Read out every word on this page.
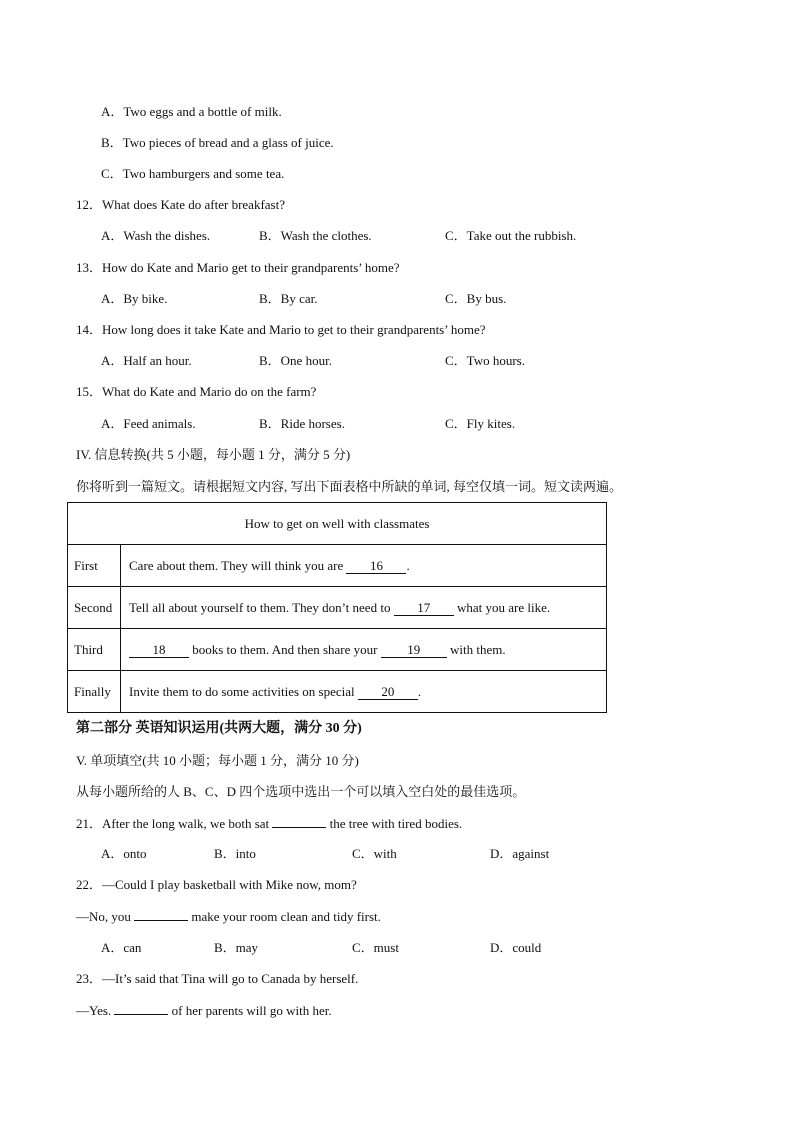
A．Two eggs and a bottle of milk.
B．Two pieces of bread and a glass of juice.
C．Two hamburgers and some tea.
12．What does Kate do after breakfast?
A．Wash the dishes.	B．Wash the clothes.	C．Take out the rubbish.
13．How do Kate and Mario get to their grandparents’ home?
A．By bike.	B．By car.	C．By bus.
14．How long does it take Kate and Mario to get to their grandparents’ home?
A．Half an hour.	B．One hour.	C．Two hours.
15．What do Kate and Mario do on the farm?
A．Feed animals.	B．Ride horses.	C．Fly kites.
IV. 信息转换(共 5 小题，每小题 1 分，满分 5 分)
你将听到一篇短文。请根据短文内容, 写出下面表格中所缺的单词, 每空仅填一词。短文读两遍。
How to get on well with classmates	
First	Care about them. They will think you are 16 .
Second	Tell all about yourself to them. They don’t need to 17 what you are like.
Third	18 books to them. And then share your 19 with them.
Finally	Invite them to do some activities on special 20 .
第二部分 英语知识运用(共两大题，满分 30 分)
V. 单项填空(共 10 小题；每小题 1 分，满分 10 分)
从每小题所给的人 B、C、D 四个选项中选出一个可以填入空白处的最佳选项。
21．After the long walk, we both sat	the tree with tired bodies.
A．onto	B．into	C．with	D．against
22．—Could I play basketball with Mike now, mom?
—No, you	make your room clean and tidy first.
A．can	B．may	C．must	D．could
23．—It’s said that Tina will go to Canada by herself.
—Yes.	of her parents will go with her.
